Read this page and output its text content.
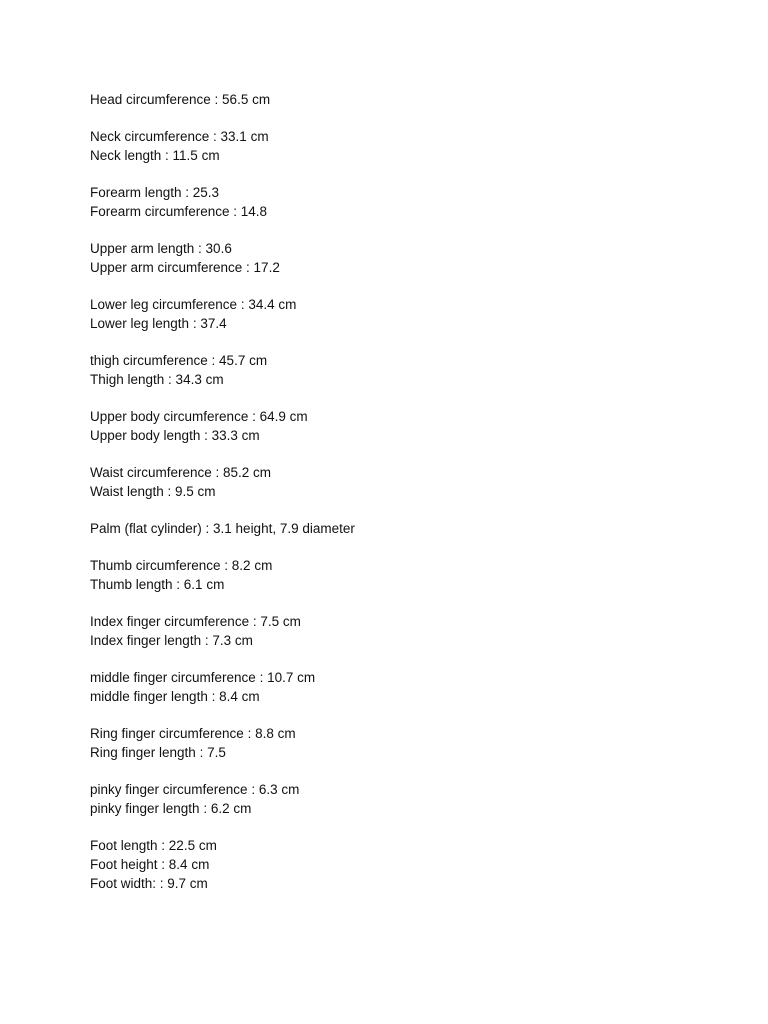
Head circumference : 56.5 cm
Neck circumference : 33.1 cm
Neck length : 11.5 cm
Forearm length : 25.3
Forearm circumference : 14.8
Upper arm length : 30.6
Upper arm circumference : 17.2
Lower leg circumference : 34.4 cm
Lower leg length : 37.4
thigh circumference : 45.7 cm
Thigh length : 34.3 cm
Upper body circumference : 64.9 cm
Upper body length : 33.3 cm
Waist circumference : 85.2 cm
Waist length : 9.5 cm
Palm (flat cylinder) : 3.1 height, 7.9 diameter
Thumb circumference : 8.2 cm
Thumb length : 6.1 cm
Index finger circumference : 7.5 cm
Index finger length : 7.3 cm
middle finger circumference : 10.7 cm
middle finger length : 8.4 cm
Ring finger circumference : 8.8 cm
Ring finger length : 7.5
pinky finger circumference : 6.3 cm
pinky finger length : 6.2 cm
Foot length : 22.5 cm
Foot height : 8.4 cm
Foot width: : 9.7 cm
